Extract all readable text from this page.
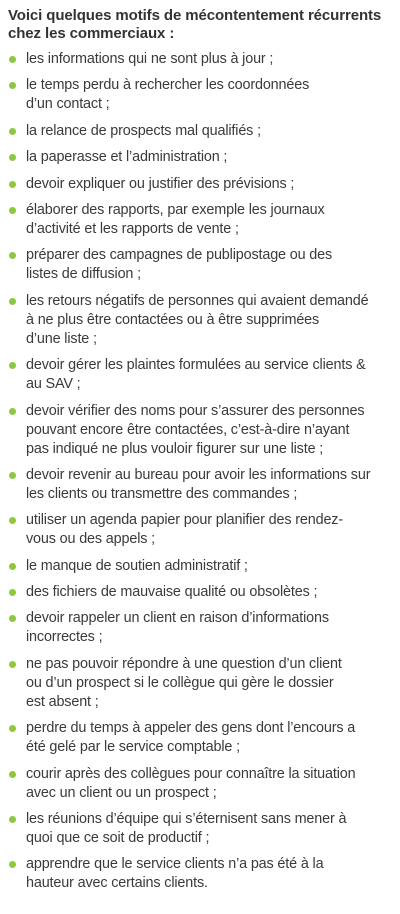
Voici quelques motifs de mécontentement récurrents
chez les commerciaux :
les informations qui ne sont plus à jour ;
le temps perdu à rechercher les coordonnées
d’un contact ;
la relance de prospects mal qualifiés ;
la paperasse et l’administration ;
devoir expliquer ou justifier des prévisions ;
élaborer des rapports, par exemple les journaux
d’activité et les rapports de vente ;
préparer des campagnes de publipostage ou des
listes de diffusion ;
les retours négatifs de personnes qui avaient demandé
à ne plus être contactées ou à être supprimées
d’une liste ;
devoir gérer les plaintes formulées au service clients &
au SAV ;
devoir vérifier des noms pour s’assurer des personnes
pouvant encore être contactées, c’est-à-dire n’ayant
pas indiqué ne plus vouloir figurer sur une liste ;
devoir revenir au bureau pour avoir les informations sur
les clients ou transmettre des commandes ;
utiliser un agenda papier pour planifier des rendez-
vous ou des appels ;
le manque de soutien administratif ;
des fichiers de mauvaise qualité ou obsolètes ;
devoir rappeler un client en raison d’informations
incorrectes ;
ne pas pouvoir répondre à une question d’un client
ou d’un prospect si le collègue qui gère le dossier
est absent ;
perdre du temps à appeler des gens dont l’encours a
été gelé par le service comptable ;
courir après des collègues pour connaître la situation
avec un client ou un prospect ;
les réunions d’équipe qui s’éternisent sans mener à
quoi que ce soit de productif ;
apprendre que le service clients n’a pas été à la
hauteur avec certains clients.
